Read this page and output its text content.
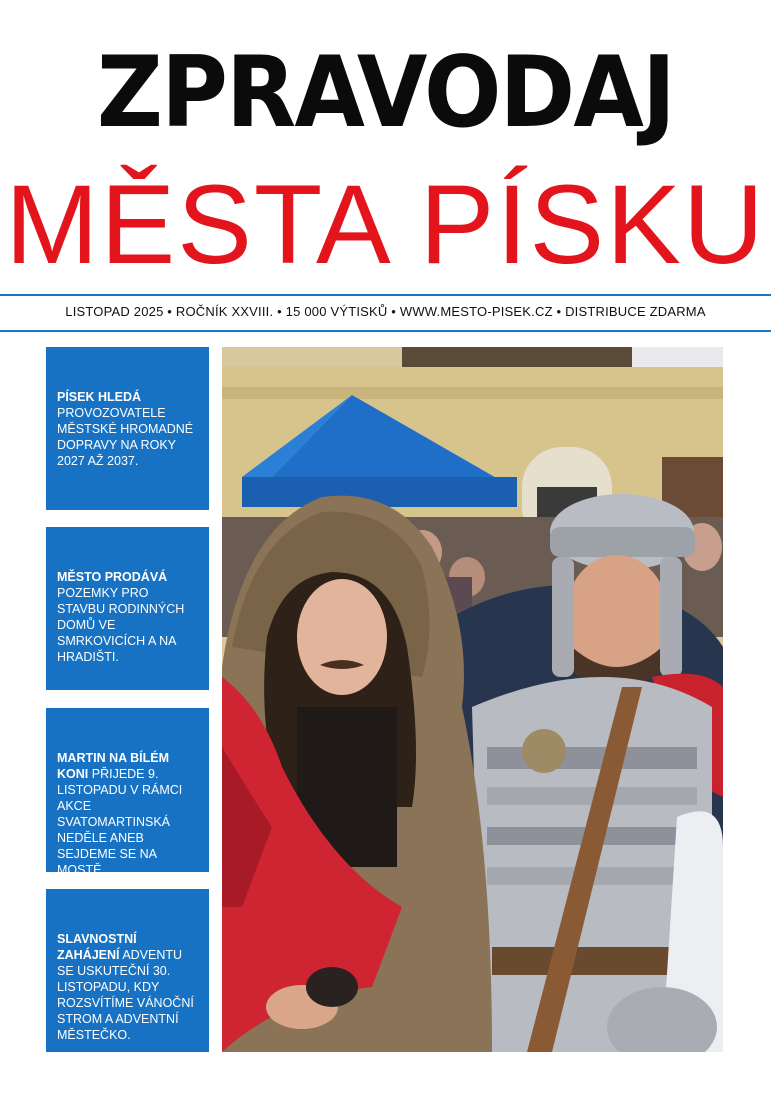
ZPRAVODAJ
MĚSTA PÍSKU
LISTOPAD 2025 • ROČNÍK XXVIII. • 15 000 VÝTISKŮ • WWW.MESTO-PISEK.CZ • DISTRIBUCE ZDARMA
PÍSEK HLEDÁ
PROVOZOVATELE MĚSTSKÉ HROMADNÉ DOPRAVY NA ROKY 2027 AŽ 2037.
MĚSTO PRODÁVÁ
POZEMKY PRO STAVBU RODINNÝCH DOMŮ VE SMRKOVICÍCH A NA HRADIŠTI.
MARTIN NA BÍLÉM KONI PŘIJEDE 9. LISTOPADU V RÁMCI AKCE SVATOMARTINSKÁ NEDĚLE ANEB SEJDEME SE NA MOSTĚ.
SLAVNOSTNÍ ZAHÁJENÍ ADVENTU SE USKUTEČNÍ 30. LISTOPADU, KDY ROZSVÍTÍME VÁNOČNÍ STROM A ADVENTNÍ MĚSTEČKO.
